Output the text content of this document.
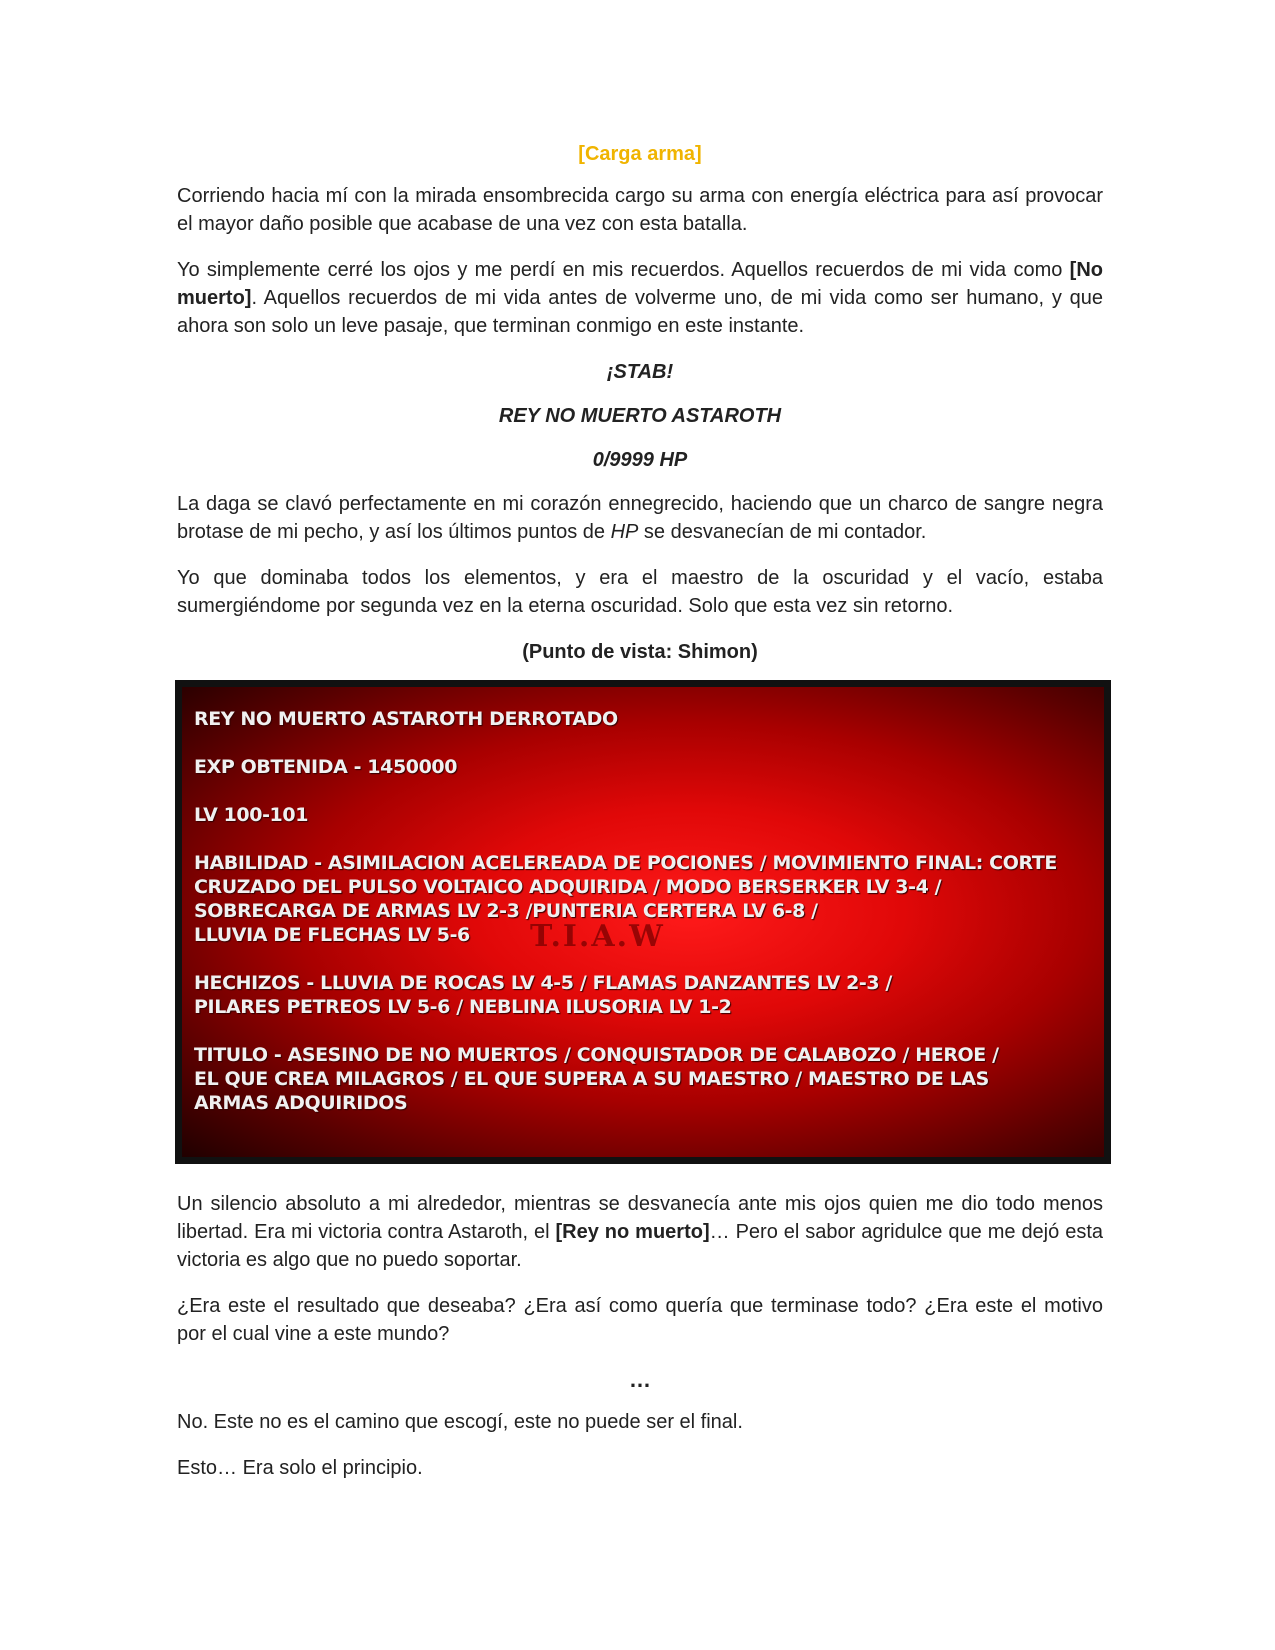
[Carga arma]

Corriendo hacia mí con la mirada ensombrecida cargo su arma con energía eléctrica para así provocar el mayor daño posible que acabase de una vez con esta batalla.

Yo simplemente cerré los ojos y me perdí en mis recuerdos. Aquellos recuerdos de mi vida como [No muerto]. Aquellos recuerdos de mi vida antes de volverme uno, de mi vida como ser humano, y que ahora son solo un leve pasaje, que terminan conmigo en este instante.

¡STAB!

REY NO MUERTO ASTAROTH

0/9999 HP

La daga se clavó perfectamente en mi corazón ennegrecido, haciendo que un charco de sangre negra brotase de mi pecho, y así los últimos puntos de HP se desvanecían de mi contador.

Yo que dominaba todos los elementos, y era el maestro de la oscuridad y el vacío, estaba sumergiéndome por segunda vez en la eterna oscuridad. Solo que esta vez sin retorno.

(Punto de vista: Shimon)

T.I.A.W
REY NO MUERTO ASTAROTH DERROTADO
EXP OBTENIDA - 1450000
LV 100-101
HABILIDAD - ASIMILACION ACELEREADA DE POCIONES / MOVIMIENTO FINAL: CORTE
CRUZADO DEL PULSO VOLTAICO ADQUIRIDA / MODO BERSERKER LV 3-4 /
SOBRECARGA DE ARMAS LV 2-3 /PUNTERIA CERTERA LV 6-8 /
LLUVIA DE FLECHAS LV 5-6
HECHIZOS - LLUVIA DE ROCAS LV 4-5 / FLAMAS DANZANTES LV 2-3 /
PILARES PETREOS LV 5-6 / NEBLINA ILUSORIA LV 1-2
TITULO - ASESINO DE NO MUERTOS / CONQUISTADOR DE CALABOZO / HEROE /
EL QUE CREA MILAGROS / EL QUE SUPERA A SU MAESTRO / MAESTRO DE LAS
ARMAS ADQUIRIDOS

Un silencio absoluto a mi alrededor, mientras se desvanecía ante mis ojos quien me dio todo menos libertad. Era mi victoria contra Astaroth, el [Rey no muerto]… Pero el sabor agridulce que me dejó esta victoria es algo que no puedo soportar.

¿Era este el resultado que deseaba? ¿Era así como quería que terminase todo? ¿Era este el motivo por el cual vine a este mundo?

…

No. Este no es el camino que escogí, este no puede ser el final.

Esto… Era solo el principio.
